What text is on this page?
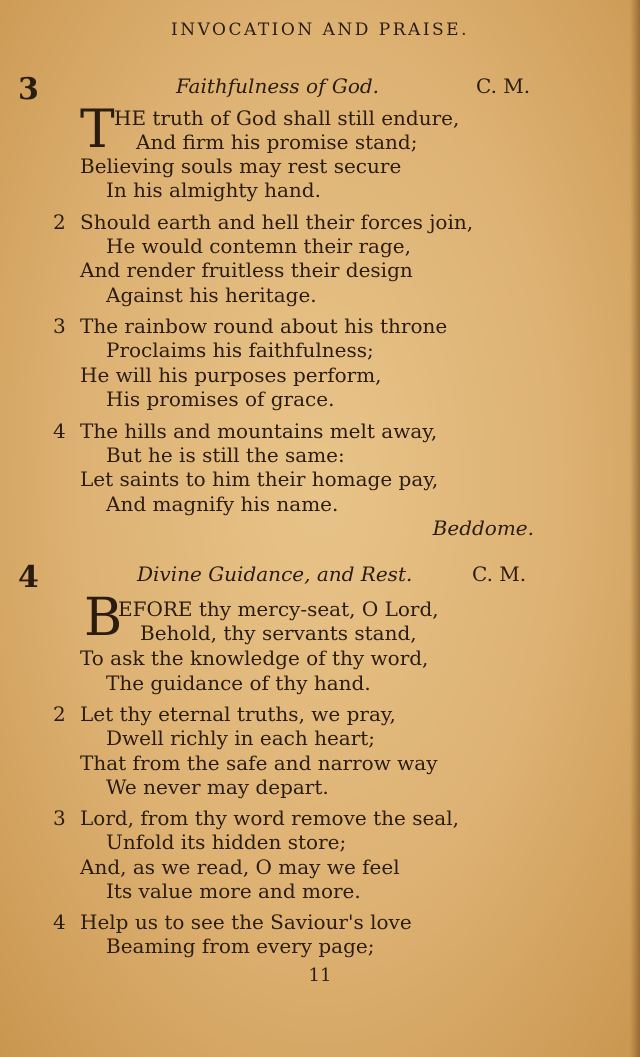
INVOCATION AND PRAISE.
3	Faithfulness of God.	C. M.
T HE truth of God shall still endure,
And firm his promise stand;
Believing souls may rest secure
In his almighty hand.
2 Should earth and hell their forces join,
He would contemn their rage,
And render fruitless their design
Against his heritage.
3 The rainbow round about his throne
Proclaims his faithfulness;
He will his purposes perform,
His promises of grace.
4 The hills and mountains melt away,
But he is still the same:
Let saints to him their homage pay,
And magnify his name.
Beddome.
4	Divine Guidance, and Rest.	C. M.
B
EFORE thy mercy-seat, O Lord,
Behold, thy servants stand,
To ask the knowledge of thy word,
The guidance of thy hand.
2 Let thy eternal truths, we pray,
Dwell richly in each heart;
That from the safe and narrow way
We never may depart.
3 Lord, from thy word remove the seal,
Unfold its hidden store;
And, as we read, O may we feel
Its value more and more.
4 Help us to see the Saviour's love
Beaming from every page;
11
